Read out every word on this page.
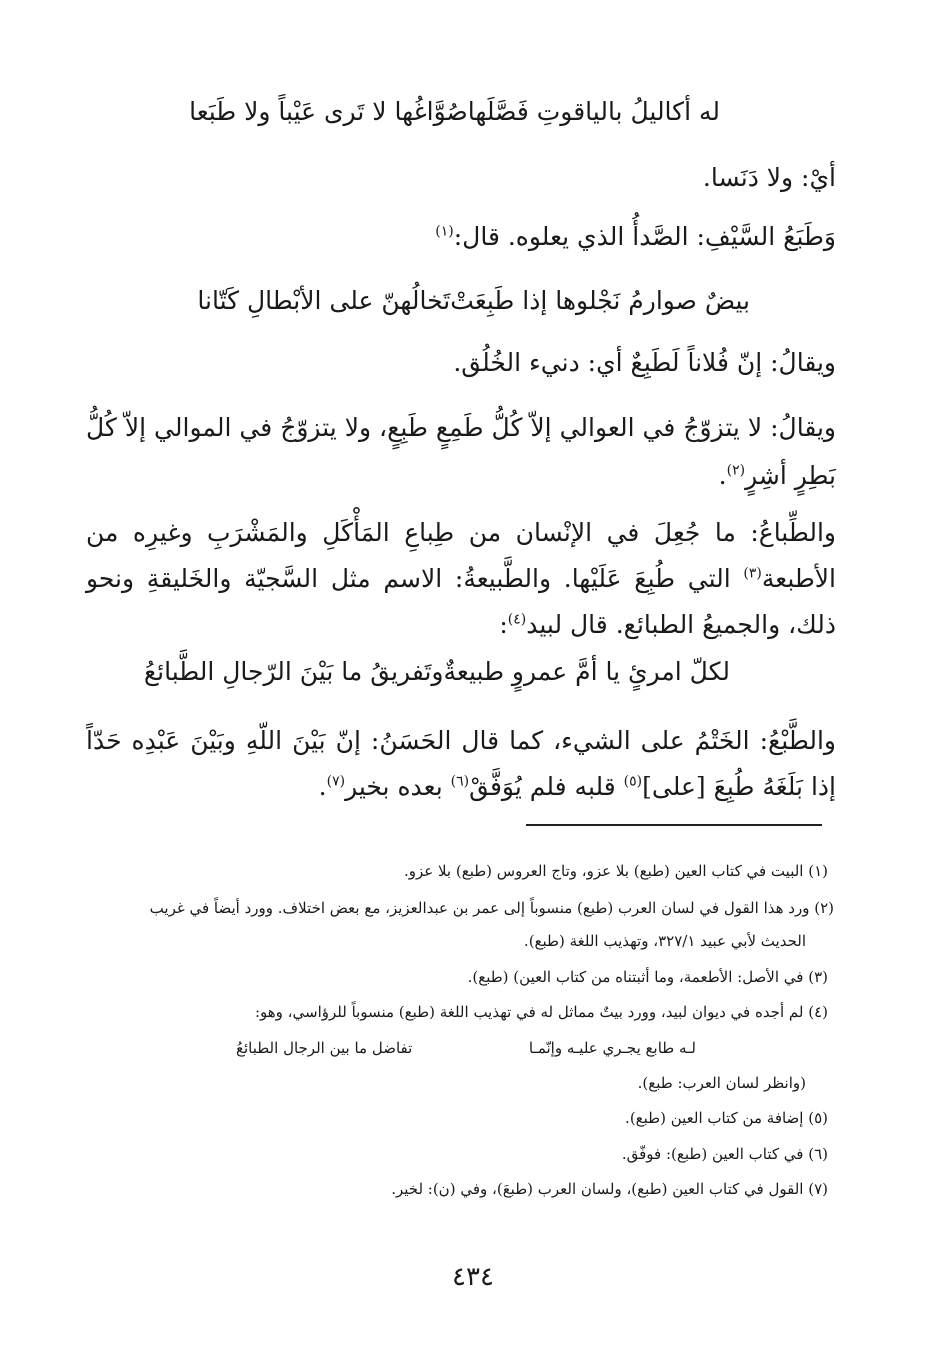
له أكاليلُ بالياقوتِ فَصَّلَها
صُوَّاغُها لا تَرى عَيْباً ولا طَبَعا
أيْ: ولا دَنَسا.
وَطَبَعُ السَّيْفِ: الصَّدأُ الذي يعلوه. قال:$^{(١)}$
بيضٌ صوارمُ نَجْلوها إذا طَبِعَتْ
تَخالُهنّ على الأبْطالِ كَتّانا
ويقالُ: إنّ فُلاناً لَطَبِعٌ أي: دنيء الخُلُق.
ويقالُ: لا يتزوّجُ في العوالي إلاّ كُلُّ طَمِعٍ طَبِعٍ، ولا يتزوّجُ في الموالي إلاّ كُلُّ بَطِرٍ أشِرٍ$^{(٢)}$.
والطِّباعُ: ما جُعِلَ في الإنْسان من طِباعِ المَأْكَلِ والمَشْرَبِ وغيرِه من الأطبعة$^{(٣)}$ التي طُبِعَ عَلَيْها. والطَّبيعةُ: الاسم مثل السَّجيّة والخَليقةِ ونحو ذلك، والجميعُ الطبائع. قال لبيد$^{(٤)}$:
لكلّ امرئٍ يا أمَّ عمروٍ طبيعةٌ
وتَفريقُ ما بَيْنَ الرّجالِ الطَّبائعُ
والطَّبْعُ: الخَتْمُ على الشيء، كما قال الحَسَنُ: إنّ بَيْنَ اللّهِ وبَيْنَ عَبْدِه حَدّاً إذا بَلَغَهُ طُبِعَ [على]$^{(٥)}$ قلبه فلم يُوَفَّقْ$^{(٦)}$ بعده بخير$^{(٧)}$.
(١) البيت في كتاب العين (طبع) بلا عزو، وتاج العروس (طبع) بلا عزو.
(٢) ورد هذا القول في لسان العرب (طبع) منسوباً إلى عمر بن عبدالعزيز، مع بعض اختلاف. وورد أيضاً في غريب
الحديث لأبي عبيد ٣٢٧/١، وتهذيب اللغة (طبع).
(٣) في الأصل: الأطعمة، وما أثبتناه من كتاب العين) (طبع).
(٤) لم أجده في ديوان لبيد، وورد بيتٌ مماثل له في تهذيب اللغة (طبع) منسوباً للرؤاسي، وهو:
لـه طابع يجـري عليـه وإنّمـا
تفاضل ما بين الرجال الطبائعُ
(وانظر لسان العرب: طبع).
(٥) إضافة من كتاب العين (طبع).
(٦) في كتاب العين (طبع): فوفّق.
(٧) القول في كتاب العين (طبع)، ولسان العرب (طبعَ)، وفي (ن): لخير.
٤٣٤
